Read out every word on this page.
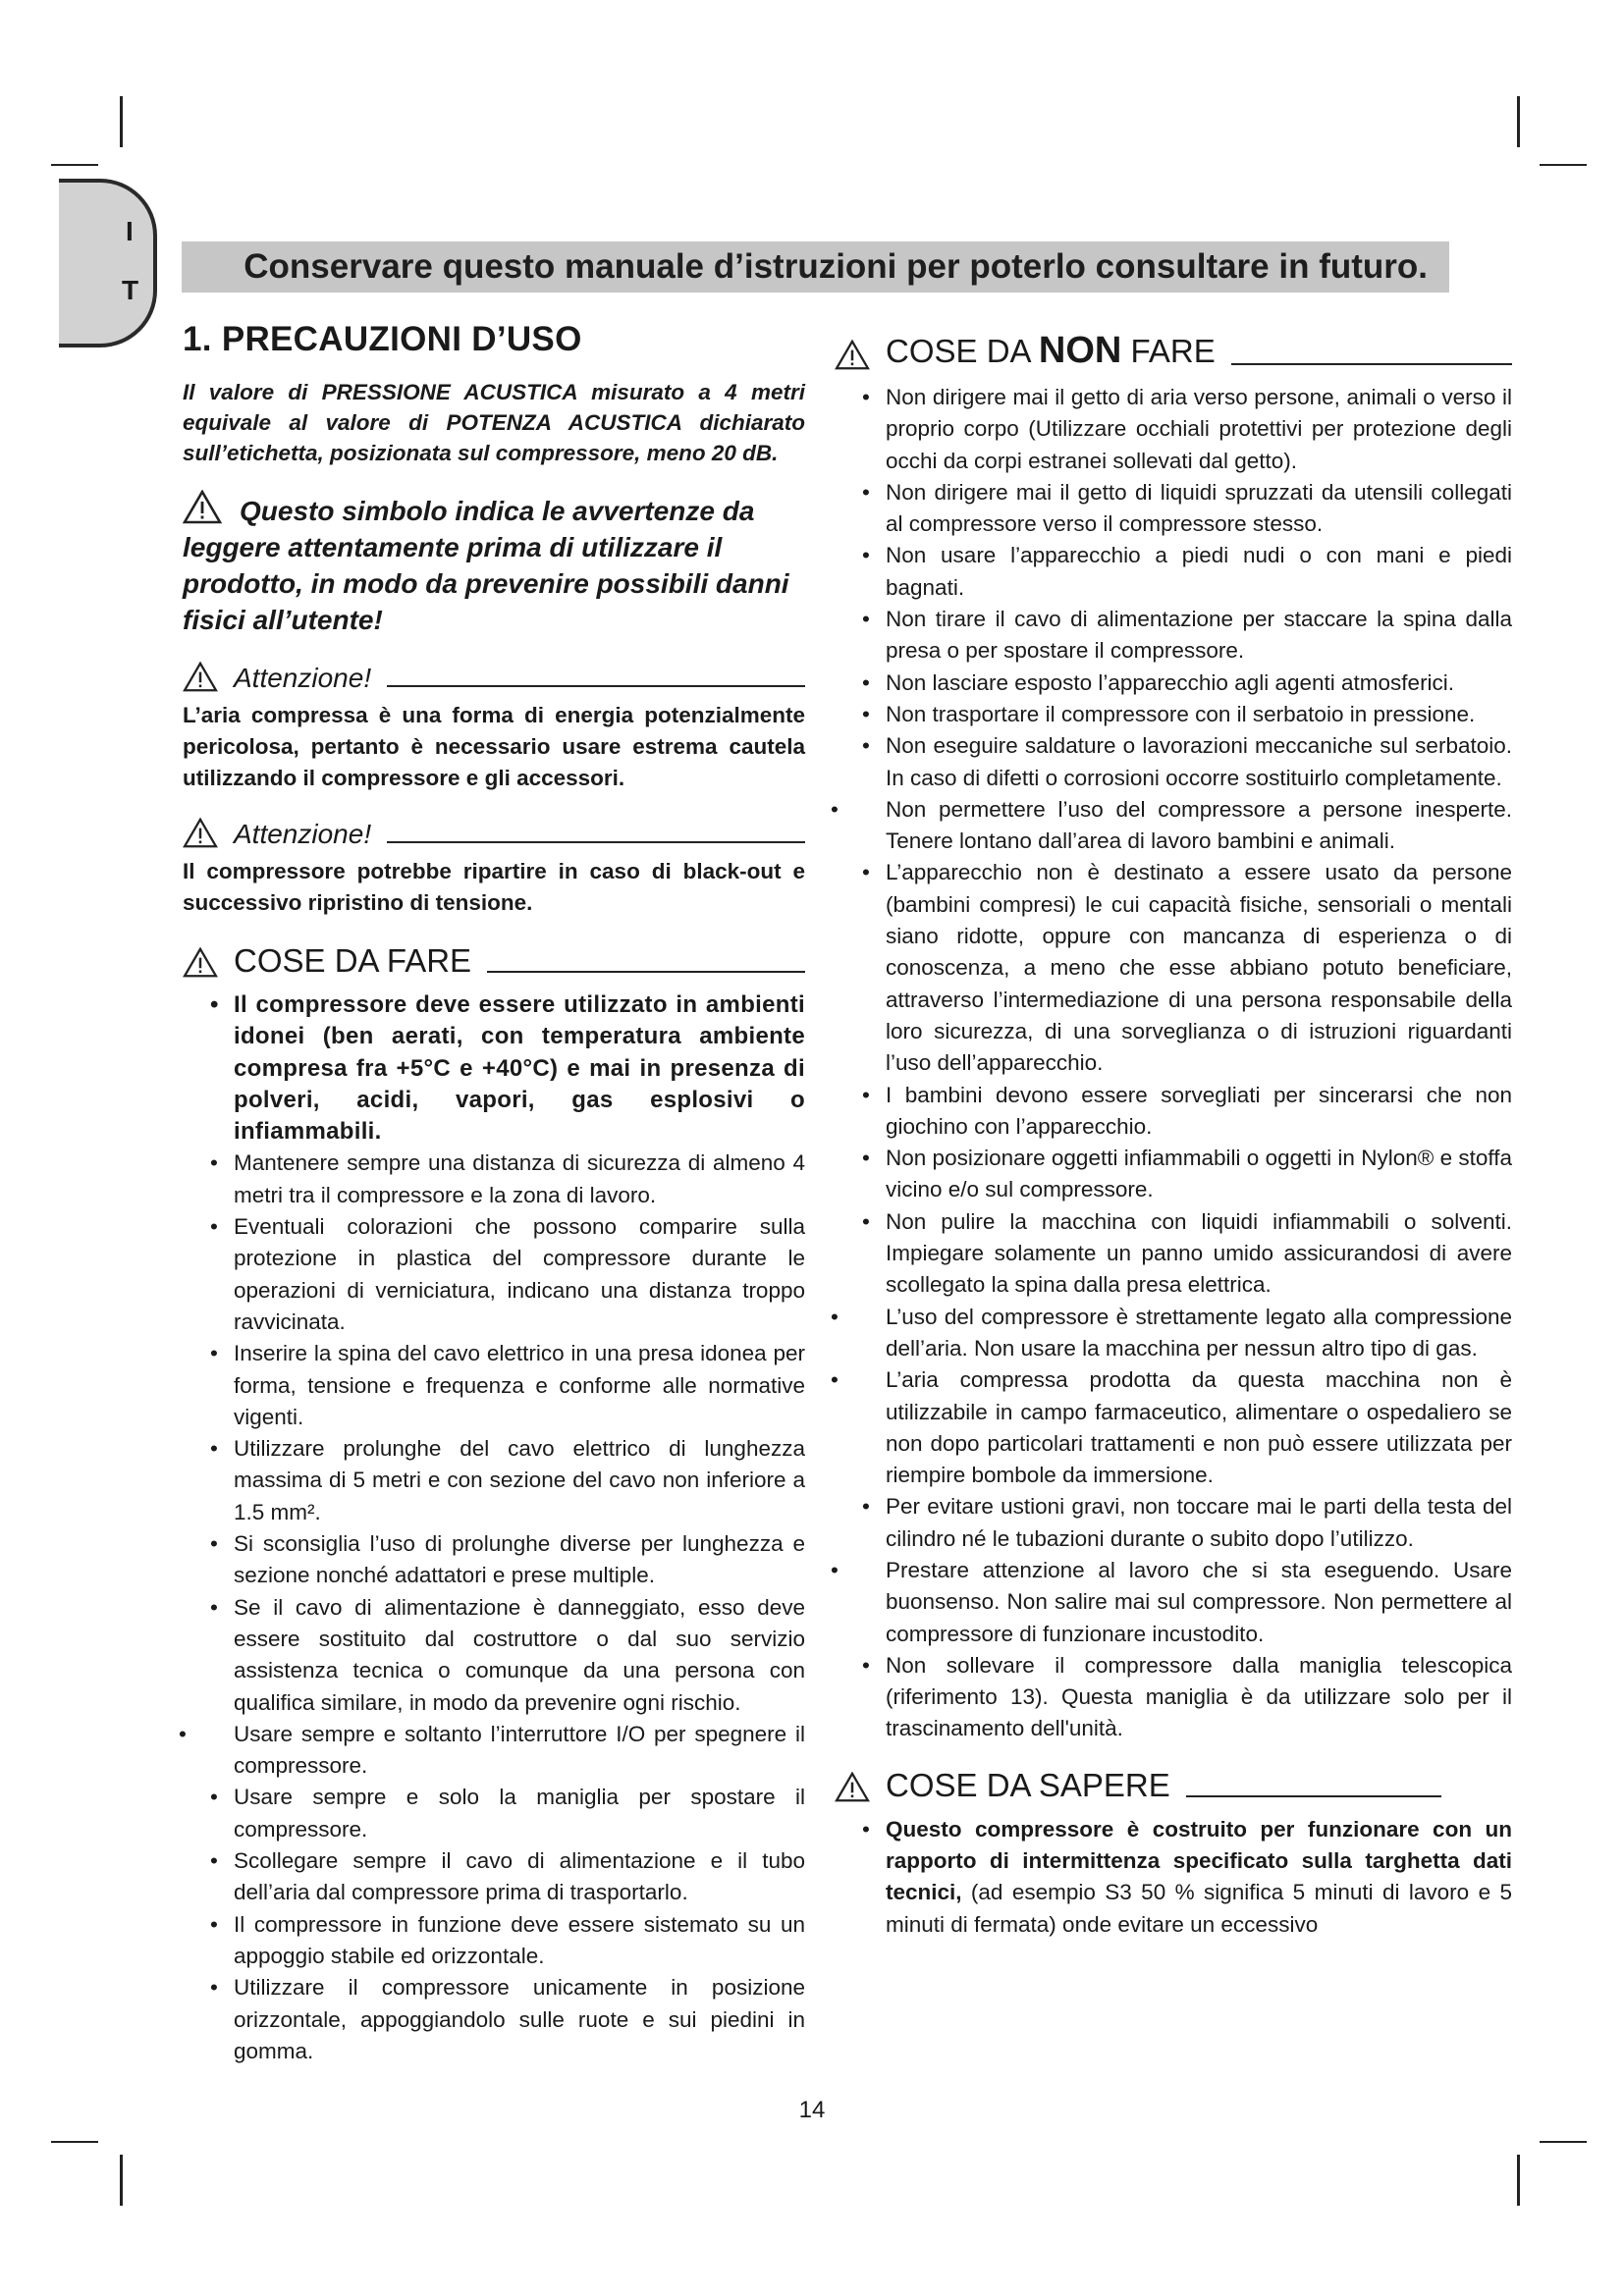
I
T
Conservare questo manuale d’istruzioni per poterlo consultare in futuro.
1. PRECAUZIONI D’USO
Il valore di PRESSIONE ACUSTICA misurato a 4 metri equivale al valore di POTENZA ACUSTICA dichiarato sull’etichetta, posizionata sul compressore, meno 20 dB.
Questo simbolo indica le avvertenze da leggere attentamente prima di utilizzare il prodotto, in modo da prevenire possibili danni fisici all’utente!
Attenzione!
L’aria compressa è una forma di energia potenzialmente pericolosa, pertanto è necessario usare estrema cautela utilizzando il compressore e gli accessori.
Attenzione!
Il compressore potrebbe ripartire in caso di black-out e successivo ripristino di tensione.
COSE DA FARE
• Il compressore deve essere utilizzato in ambienti idonei (ben aerati, con temperatura ambiente compresa fra +5°C e +40°C) e mai in presenza di polveri, acidi, vapori, gas esplosivi o infiammabili.
• Mantenere sempre una distanza di sicurezza di almeno 4 metri tra il compressore e la zona di lavoro.
• Eventuali colorazioni che possono comparire sulla protezione in plastica del compressore durante le operazioni di verniciatura, indicano una distanza troppo ravvicinata.
• Inserire la spina del cavo elettrico in una presa idonea per forma, tensione e frequenza e conforme alle normative vigenti.
• Utilizzare prolunghe del cavo elettrico di lunghezza massima di 5 metri e con sezione del cavo non inferiore a 1.5 mm².
• Si sconsiglia l’uso di prolunghe diverse per lunghezza e sezione nonché adattatori e prese multiple.
• Se il cavo di alimentazione è danneggiato, esso deve essere sostituito dal costruttore o dal suo servizio assistenza tecnica o comunque da una persona con qualifica similare, in modo da prevenire ogni rischio.
• Usare sempre e soltanto l’interruttore I/O per spegnere il compressore.
• Usare sempre e solo la maniglia per spostare il compressore.
• Scollegare sempre il cavo di alimentazione e il tubo dell’aria dal compressore prima di trasportarlo.
• Il compressore in funzione deve essere sistemato su un appoggio stabile ed orizzontale.
• Utilizzare il compressore unicamente in posizione orizzontale, appoggiandolo sulle ruote e sui piedini in gomma.
COSE DA NON FARE
• Non dirigere mai il getto di aria verso persone, animali o verso il proprio corpo (Utilizzare occhiali protettivi per protezione degli occhi da corpi estranei sollevati dal getto).
• Non dirigere mai il getto di liquidi spruzzati da utensili collegati al compressore verso il compressore stesso.
• Non usare l’apparecchio a piedi nudi o con mani e piedi bagnati.
• Non tirare il cavo di alimentazione per staccare la spina dalla presa o per spostare il compressore.
• Non lasciare esposto l’apparecchio agli agenti atmosferici.
• Non trasportare il compressore con il serbatoio in pressione.
• Non eseguire saldature o lavorazioni meccaniche sul serbatoio. In caso di difetti o corrosioni occorre sostituirlo completamente.
• Non permettere l’uso del compressore a persone inesperte. Tenere lontano dall’area di lavoro bambini e animali.
• L’apparecchio non è destinato a essere usato da persone (bambini compresi) le cui capacità fisiche, sensoriali o mentali siano ridotte, oppure con mancanza di esperienza o di conoscenza, a meno che esse abbiano potuto beneficiare, attraverso l’intermediazione di una persona responsabile della loro sicurezza, di una sorveglianza o di istruzioni riguardanti l’uso dell’apparecchio.
• I bambini devono essere sorvegliati per sincerarsi che non giochino con l’apparecchio.
• Non posizionare oggetti infiammabili o oggetti in Nylon® e stoffa vicino e/o sul compressore.
• Non pulire la macchina con liquidi infiammabili o solventi. Impiegare solamente un panno umido assicurandosi di avere scollegato la spina dalla presa elettrica.
• L’uso del compressore è strettamente legato alla compressione dell’aria. Non usare la macchina per nessun altro tipo di gas.
• L’aria compressa prodotta da questa macchina non è utilizzabile in campo farmaceutico, alimentare o ospedaliero se non dopo particolari trattamenti e non può essere utilizzata per riempire bombole da immersione.
• Per evitare ustioni gravi, non toccare mai le parti della testa del cilindro né le tubazioni durante o subito dopo l’utilizzo.
• Prestare attenzione al lavoro che si sta eseguendo. Usare buonsenso. Non salire mai sul compressore. Non permettere al compressore di funzionare incustodito.
• Non sollevare il compressore dalla maniglia telescopica (riferimento 13). Questa maniglia è da utilizzare solo per il trascinamento dell'unità.
COSE DA SAPERE
• Questo compressore è costruito per funzionare con un rapporto di intermittenza specificato sulla targhetta dati tecnici, (ad esempio S3 50 % significa 5 minuti di lavoro e 5 minuti di fermata) onde evitare un eccessivo
14
